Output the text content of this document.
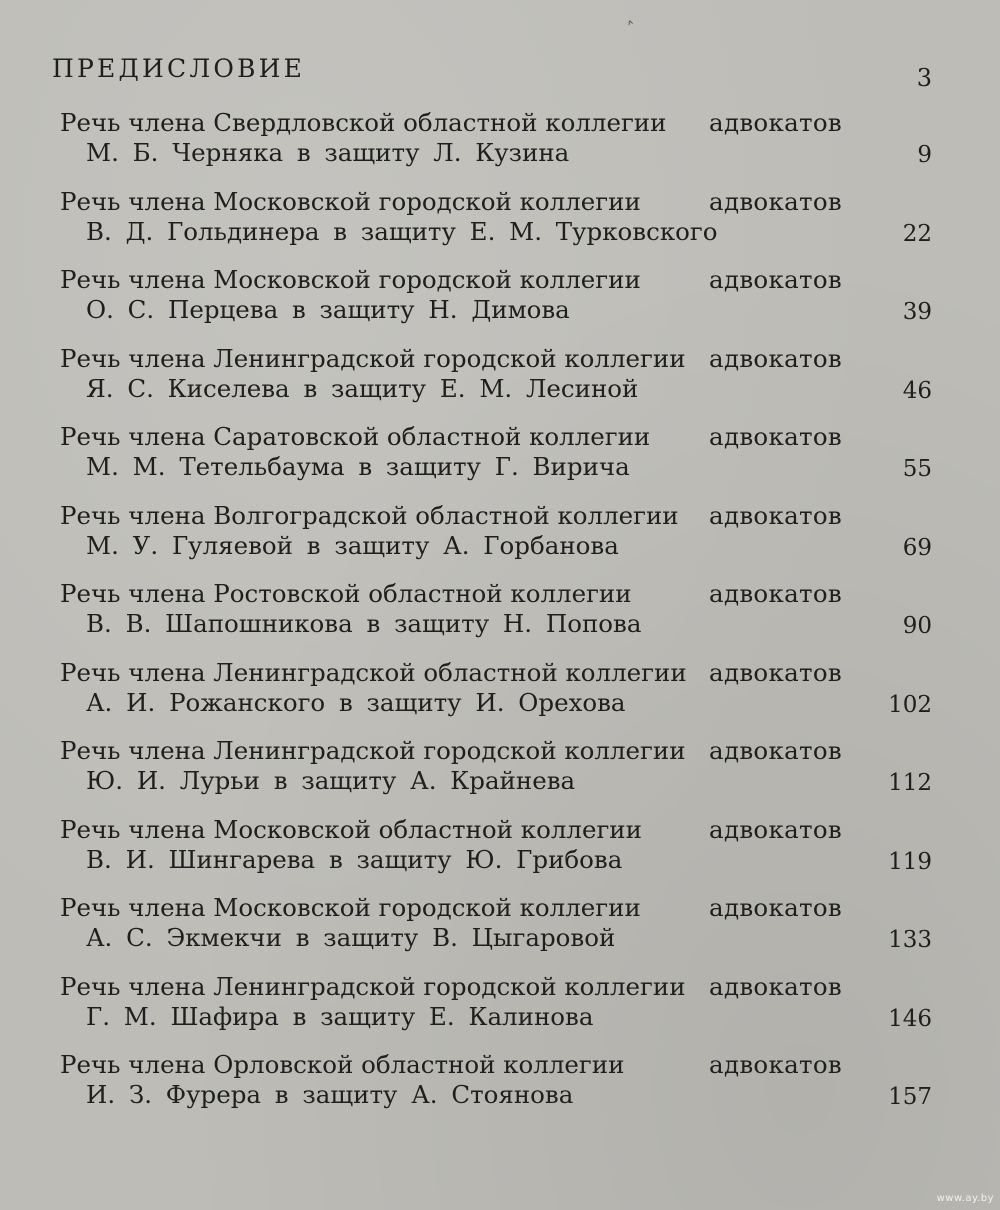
˄
ПРЕДИСЛОВИЕ	3
Речь члена Свердловской областной коллегии адвокатов
М. Б. Черняка в защиту Л. Кузина	9
Речь члена Московской городской коллегии	адвокатов
В. Д. Гольдинера в защиту Е. М. Турковского	22
Речь члена Московской городской коллегии	адвокатов
О. С. Перцева в защиту Н. Димова	39
Речь члена Ленинградской городской коллегии адвокатов
Я. С. Киселева в защиту Е. М. Лесиной	46
Речь члена Саратовской областной коллегии адвокатов
М. М. Тетельбаума в защиту Г. Вирича	55
Речь члена Волгоградской областной коллегии адвокатов
М. У. Гуляевой в защиту А. Горбанова	69
Речь члена Ростовской областной коллегии	адвокатов
В. В. Шапошникова в защиту Н. Попова	90
Речь члена Ленинградской областной коллегии адвокатов
А. И. Рожанского в защиту И. Орехова	102
Речь члена Ленинградской городской коллегии адвокатов
Ю. И. Лурьи в защиту А. Крайнева	112
Речь члена Московской областной коллегии	адвокатов
В. И. Шингарева в защиту Ю. Грибова	119
Речь члена Московской городской коллегии	адвокатов
А. С. Экмекчи в защиту В. Цыгаровой	133
Речь члена Ленинградской городской коллегии адвокатов
Г. М. Шафира в защиту Е. Калинова	146
Речь члена Орловской областной коллегии	адвокатов
И. З. Фурера в защиту А. Стоянова	157
www.ay.by
